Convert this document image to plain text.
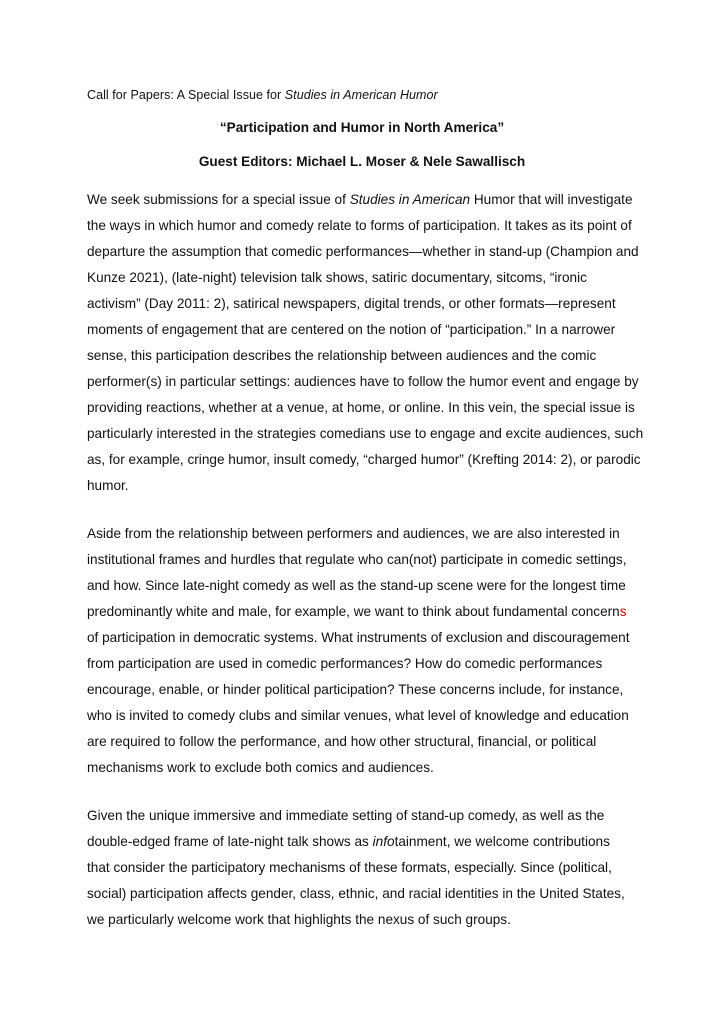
Call for Papers: A Special Issue for Studies in American Humor
“Participation and Humor in North America”
Guest Editors: Michael L. Moser & Nele Sawallisch
We seek submissions for a special issue of Studies in American Humor that will investigate
the ways in which humor and comedy relate to forms of participation. It takes as its point of
departure the assumption that comedic performances—whether in stand-up (Champion and
Kunze 2021), (late-night) television talk shows, satiric documentary, sitcoms, “ironic
activism” (Day 2011: 2), satirical newspapers, digital trends, or other formats—represent
moments of engagement that are centered on the notion of “participation.” In a narrower
sense, this participation describes the relationship between audiences and the comic
performer(s) in particular settings: audiences have to follow the humor event and engage by
providing reactions, whether at a venue, at home, or online. In this vein, the special issue is
particularly interested in the strategies comedians use to engage and excite audiences, such
as, for example, cringe humor, insult comedy, “charged humor” (Krefting 2014: 2), or parodic
humor.
Aside from the relationship between performers and audiences, we are also interested in
institutional frames and hurdles that regulate who can(not) participate in comedic settings,
and how. Since late-night comedy as well as the stand-up scene were for the longest time
predominantly white and male, for example, we want to think about fundamental concerns
of participation in democratic systems. What instruments of exclusion and discouragement
from participation are used in comedic performances? How do comedic performances
encourage, enable, or hinder political participation? These concerns include, for instance,
who is invited to comedy clubs and similar venues, what level of knowledge and education
are required to follow the performance, and how other structural, financial, or political
mechanisms work to exclude both comics and audiences.
Given the unique immersive and immediate setting of stand-up comedy, as well as the
double-edged frame of late-night talk shows as infotainment, we welcome contributions
that consider the participatory mechanisms of these formats, especially. Since (political,
social) participation affects gender, class, ethnic, and racial identities in the United States,
we particularly welcome work that highlights the nexus of such groups.
